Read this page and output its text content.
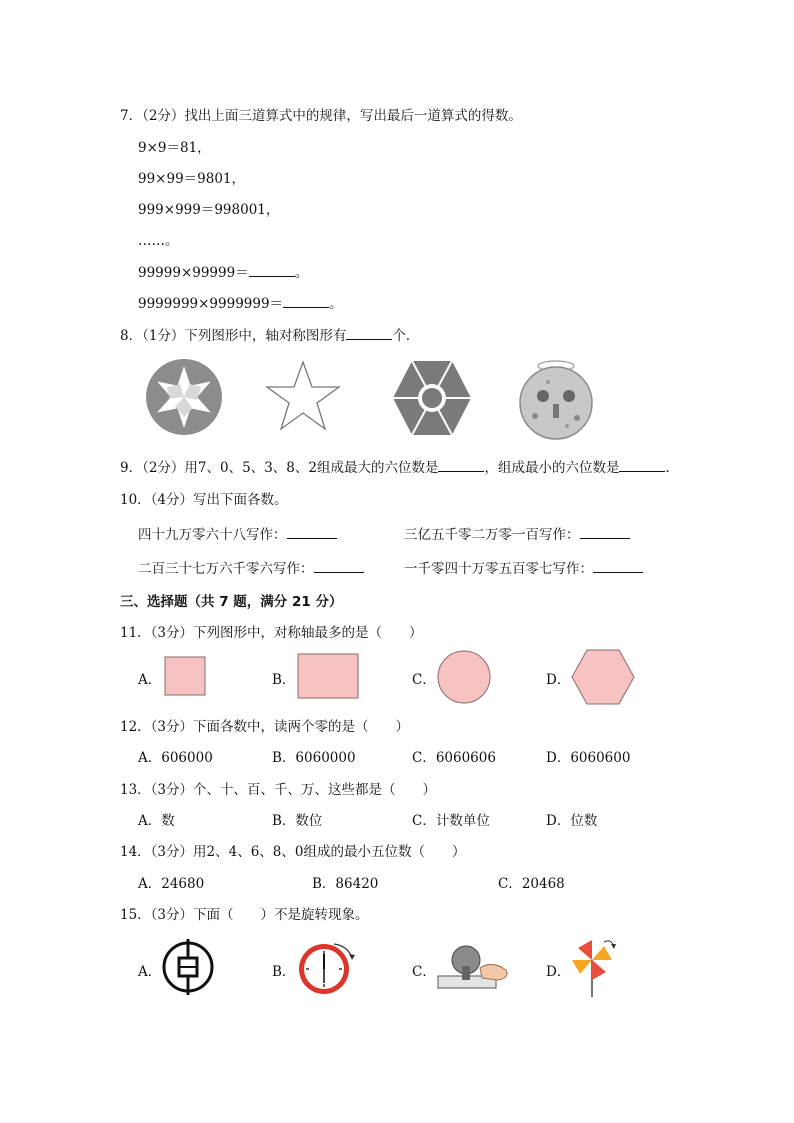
7．（2分）找出上面三道算式中的规律，写出最后一道算式的得数。
9×9＝81，
99×99＝9801，
999×999＝998001，
……。
99999×99999＝	。
9999999×9999999＝	。
8．（1分）下列图形中，轴对称图形有	个．
9．（2分）用7、0、5、3、8、2组成最大的六位数是	，组成最小的六位数是	.
10．（4分）写出下面各数。
四十九万零六十八写作：	三亿五千零二万零一百写作：
二百三十七万六千零六写作：	一千零四十万零五百零七写作：
三、选择题（共 7 题，满分 21 分）
11．（3分）下列图形中，对称轴最多的是（　　）
A．	B．	C．	D．
12．（3分）下面各数中，读两个零的是（　　）
A．606000	B．6060000	C．6060606	D．6060600
13．（3分）个、十、百、千、万、这些都是（　　）
A．数	B．数位	C．计数单位	D．位数
14．（3分）用2、4、6、8、0组成的最小五位数（　　）
A．24680	B．86420	C．20468
15．（3分）下面（　　）不是旋转现象。
A．	B．	C．	D．
